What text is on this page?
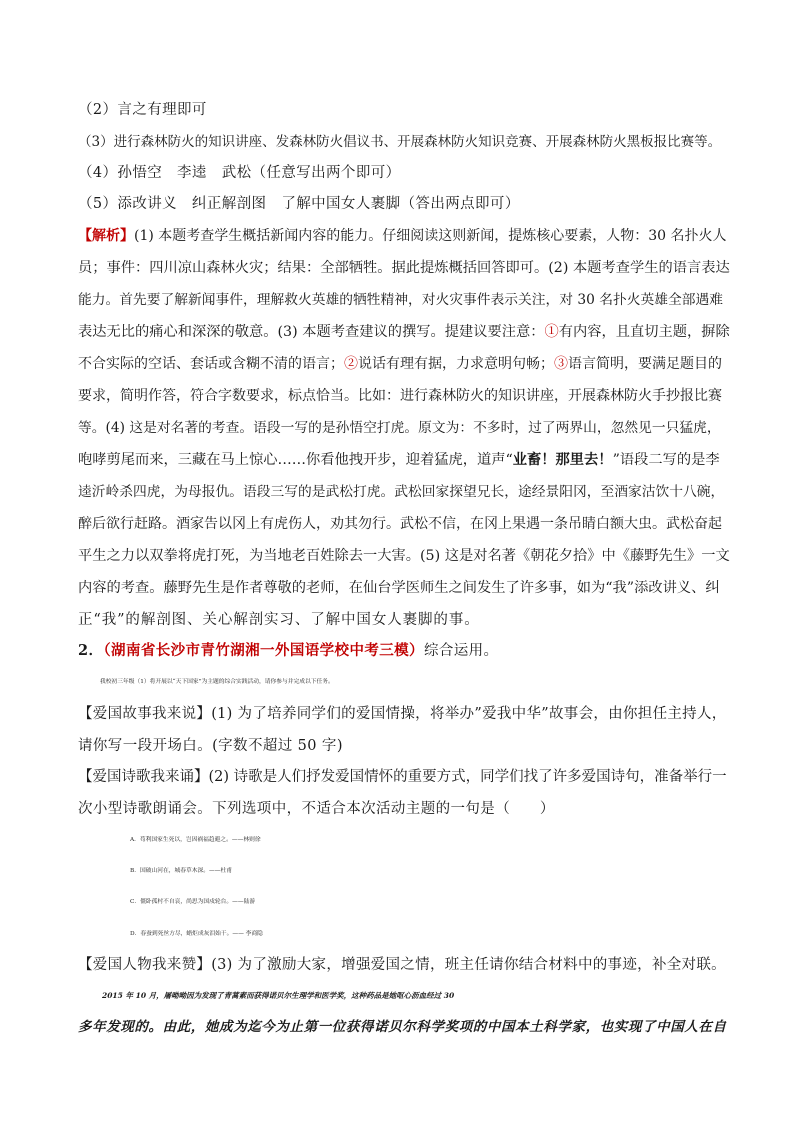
（2）言之有理即可
（3）进行森林防火的知识讲座、发森林防火倡议书、开展森林防火知识竞赛、开展森林防火黑板报比赛等。
（4）孙悟空　李逵　武松（任意写出两个即可）
（5）添改讲义　纠正解剖图　了解中国女人裹脚（答出两点即可）
【解析】(1) 本题考查学生概括新闻内容的能力。仔细阅读这则新闻，提炼核心要素，人物：30 名扑火人
员；事件：四川凉山森林火灾；结果：全部牺牲。据此提炼概括回答即可。(2) 本题考查学生的语言表达
能力。首先要了解新闻事件，理解救火英雄的牺牲精神，对火灾事件表示关注，对 30 名扑火英雄全部遇难
表达无比的痛心和深深的敬意。(3) 本题考查建议的撰写。提建议要注意：①有内容，且直切主题，摒除
不合实际的空话、套话或含糊不清的语言；②说话有理有据，力求意明句畅；③语言简明，要满足题目的
要求，简明作答，符合字数要求，标点恰当。比如：进行森林防火的知识讲座，开展森林防火手抄报比赛
等。(4) 这是对名著的考查。语段一写的是孙悟空打虎。原文为：不多时，过了两界山，忽然见一只猛虎，
咆哮剪尾而来，三藏在马上惊心……你看他拽开步，迎着猛虎，道声“业畜！那里去！”语段二写的是李
逵沂岭杀四虎，为母报仇。语段三写的是武松打虎。武松回家探望兄长，途经景阳冈，至酒家沽饮十八碗，
醉后欲行赶路。酒家告以冈上有虎伤人，劝其勿行。武松不信，在冈上果遇一条吊睛白额大虫。武松奋起
平生之力以双拳将虎打死，为当地老百姓除去一大害。(5) 这是对名著《朝花夕拾》中《藤野先生》一文
内容的考查。藤野先生是作者尊敬的老师，在仙台学医师生之间发生了许多事，如为“我”添改讲义、纠
正“我”的解剖图、关心解剖实习、了解中国女人裹脚的事。
2．（湖南省长沙市青竹湖湘一外国语学校中考三模）综合运用。
我校初三年级（1）将开展以“天下国家”为主题的综合实践活动，请你参与并完成以下任务。
【爱国故事我来说】(1) 为了培养同学们的爱国情操，将举办”爱我中华”故事会，由你担任主持人，
请你写一段开场白。(字数不超过 50 字)
【爱国诗歌我来诵】(2) 诗歌是人们抒发爱国情怀的重要方式，同学们找了许多爱国诗句，准备举行一
次小型诗歌朗诵会。下列选项中，不适合本次活动主题的一句是（　　）
A．苟利国家生死以，岂因祸福趋避之。——林则徐
B．国破山河在，城春草木深。——杜甫
C．僵卧孤村不自哀，尚思为国戍轮台。——陆游
D．春蚕到死丝方尽，蜡炬成灰泪始干。—— 李商隐
【爱国人物我来赞】(3) 为了激励大家，增强爱国之情，班主任请你结合材料中的事迹，补全对联。
2015 年 10 月，屠呦呦因为发现了青蒿素而获得诺贝尔生理学和医学奖，这种药品是她呕心沥血经过 30
多年发现的。由此，她成为迄今为止第一位获得诺贝尔科学奖项的中国本土科学家，也实现了中国人在自
